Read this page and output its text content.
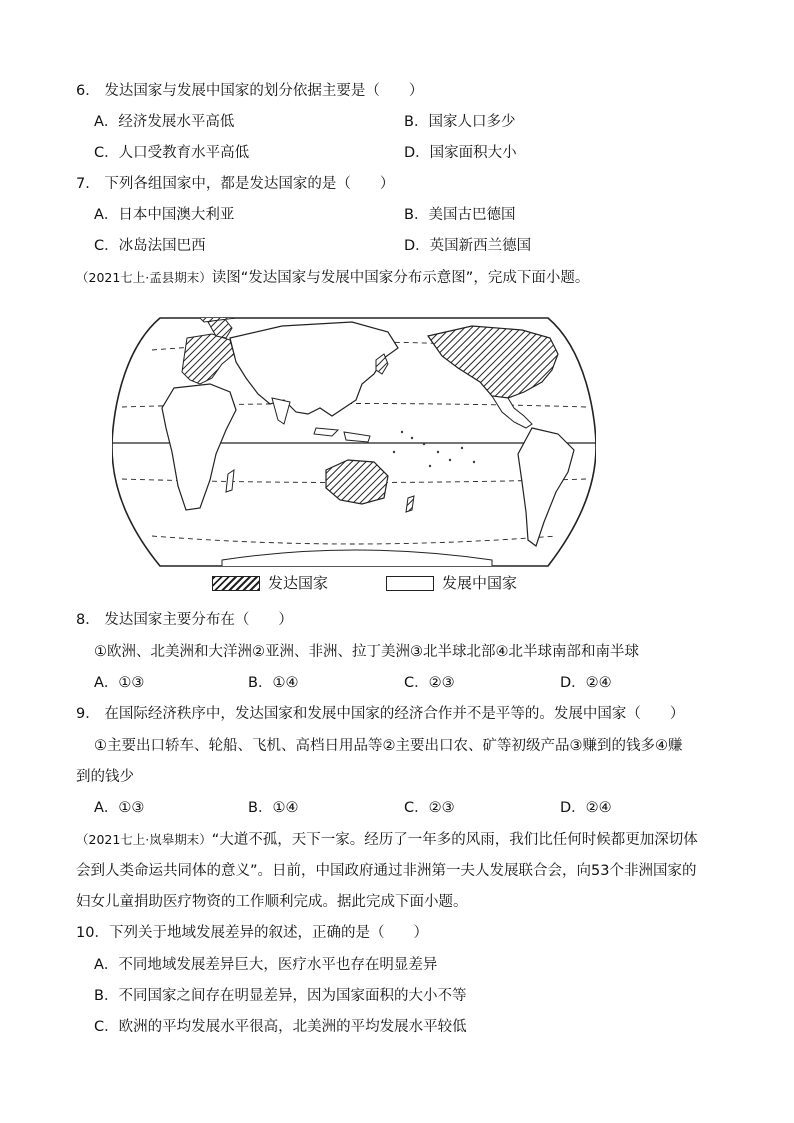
6． 发达国家与发展中国家的划分依据主要是（　　）
A．经济发展水平高低	B．国家人口多少
C．人口受教育水平高低	D．国家面积大小
7． 下列各组国家中，都是发达国家的是（　　）
A．日本中国澳大利亚	B．美国古巴德国
C．冰岛法国巴西	D．英国新西兰德国
（2021七上·孟县期末）读图“发达国家与发展中国家分布示意图”，完成下面小题。
发达国家	发展中国家
8． 发达国家主要分布在（　　）
①欧洲、北美洲和大洋洲②亚洲、非洲、拉丁美洲③北半球北部④北半球南部和南半球
A．①③	B．①④	C．②③	D．②④
9． 在国际经济秩序中，发达国家和发展中国家的经济合作并不是平等的。发展中国家（　　）
①主要出口轿车、轮船、飞机、高档日用品等②主要出口农、矿等初级产品③赚到的钱多④赚
到的钱少
A．①③	B．①④	C．②③	D．②④
（2021七上·岚皋期末）“大道不孤，天下一家。经历了一年多的风雨，我们比任何时候都更加深切体
会到人类命运共同体的意义”。日前，中国政府通过非洲第一夫人发展联合会，向53个非洲国家的
妇女儿童捐助医疗物资的工作顺利完成。据此完成下面小题。
10．下列关于地域发展差异的叙述，正确的是（　　）
A．不同地域发展差异巨大，医疗水平也存在明显差异
B．不同国家之间存在明显差异，因为国家面积的大小不等
C．欧洲的平均发展水平很高，北美洲的平均发展水平较低
